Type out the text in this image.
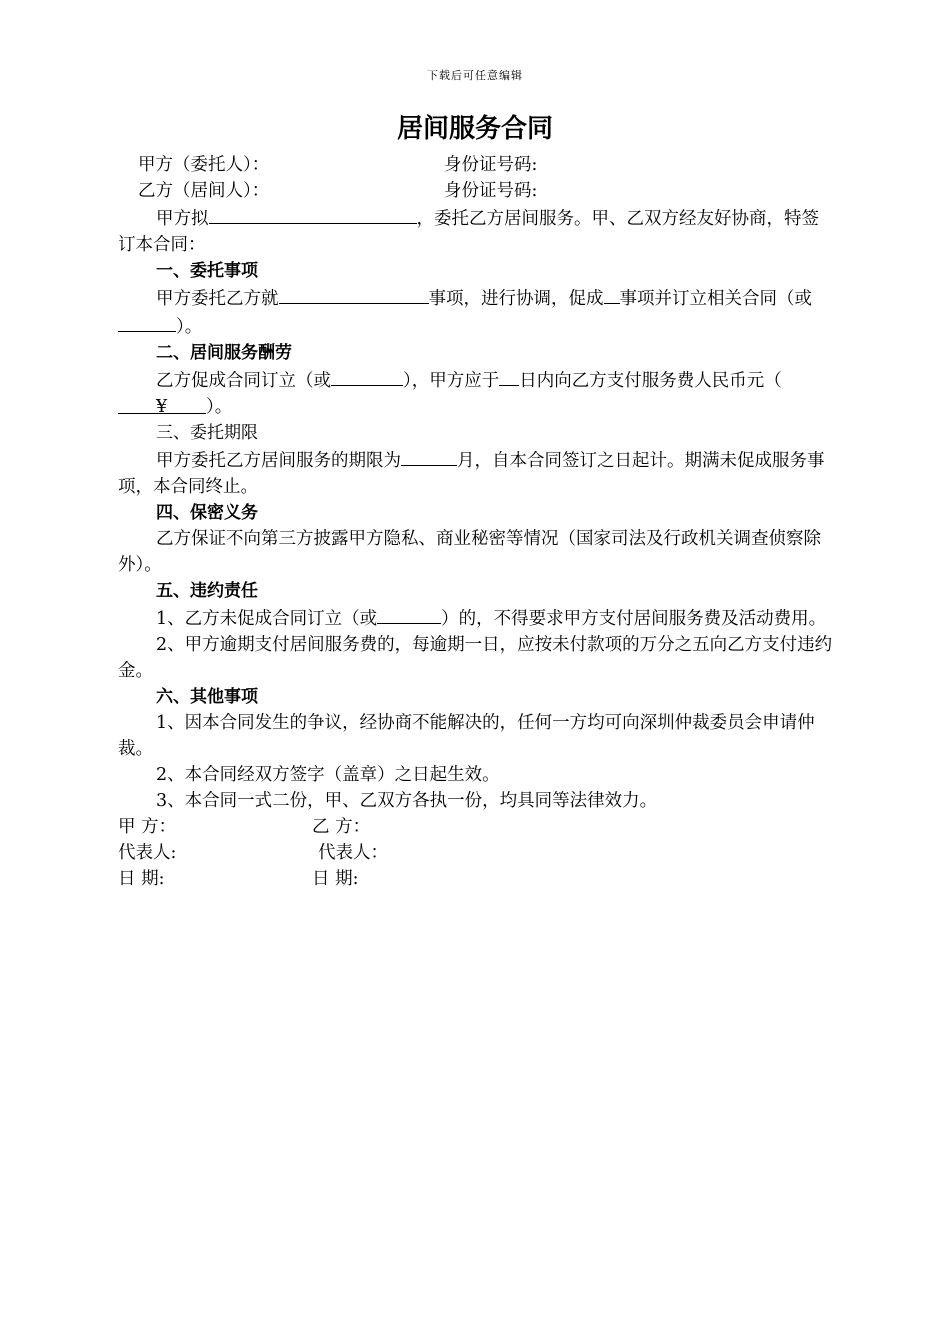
下载后可任意编辑
居间服务合同

甲方（委托人）：	身份证号码:

乙方（居间人）：	身份证号码:

甲方拟	，委托乙方居间服务。甲、乙双方经友好协商，特签订本合同：

一、委托事项

甲方委托乙方就	事项，进行协调，促成 事项并订立相关合同（或）。

二、居间服务酬劳

乙方促成合同订立（或	），甲方应于 日内向乙方支付服务费人民币元（¥ ）。

三、委托期限

甲方委托乙方居间服务的期限为	月，自本合同签订之日起计。期满未促成服务事项，本合同终止。

四、保密义务

乙方保证不向第三方披露甲方隐私、商业秘密等情况（国家司法及行政机关调查侦察除外）。

五、违约责任

1、乙方未促成合同订立（或	）的，不得要求甲方支付居间服务费及活动费用。

2、甲方逾期支付居间服务费的，每逾期一日，应按未付款项的万分之五向乙方支付违约金。

六、其他事项

1、因本合同发生的争议，经协商不能解决的，任何一方均可向深圳仲裁委员会申请仲裁。

2、本合同经双方签字（盖章）之日起生效。

3、本合同一式二份，甲、乙双方各执一份，均具同等法律效力。

甲 方：	乙 方：
代表人:	代表人：
日 期:	日 期:
